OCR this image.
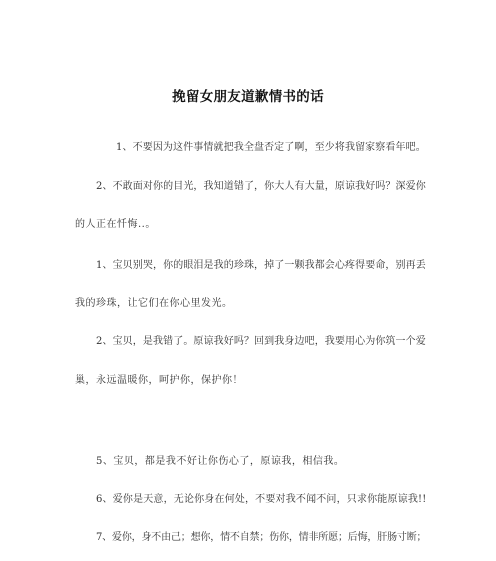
挽留女朋友道歉情书的话
1、不要因为这件事情就把我全盘否定了啊，至少将我留家察看年吧。
2、不敢面对你的目光，我知道错了，你大人有大量，原谅我好吗？深爱你
的人正在忏悔..。
1、宝贝别哭，你的眼泪是我的珍珠，掉了一颗我都会心疼得要命，别再丢
我的珍珠，让它们在你心里发光。
2、宝贝，是我错了。原谅我好吗？回到我身边吧，我要用心为你筑一个爱
巢，永远温暖你，呵护你，保护你！
5、宝贝，都是我不好让你伤心了，原谅我，相信我。
6、爱你是天意，无论你身在何处，不要对我不闻不问，只求你能原谅我!!
7、爱你，身不由己；想你，情不自禁；伤你，情非所愿；后悔，肝肠寸断；
